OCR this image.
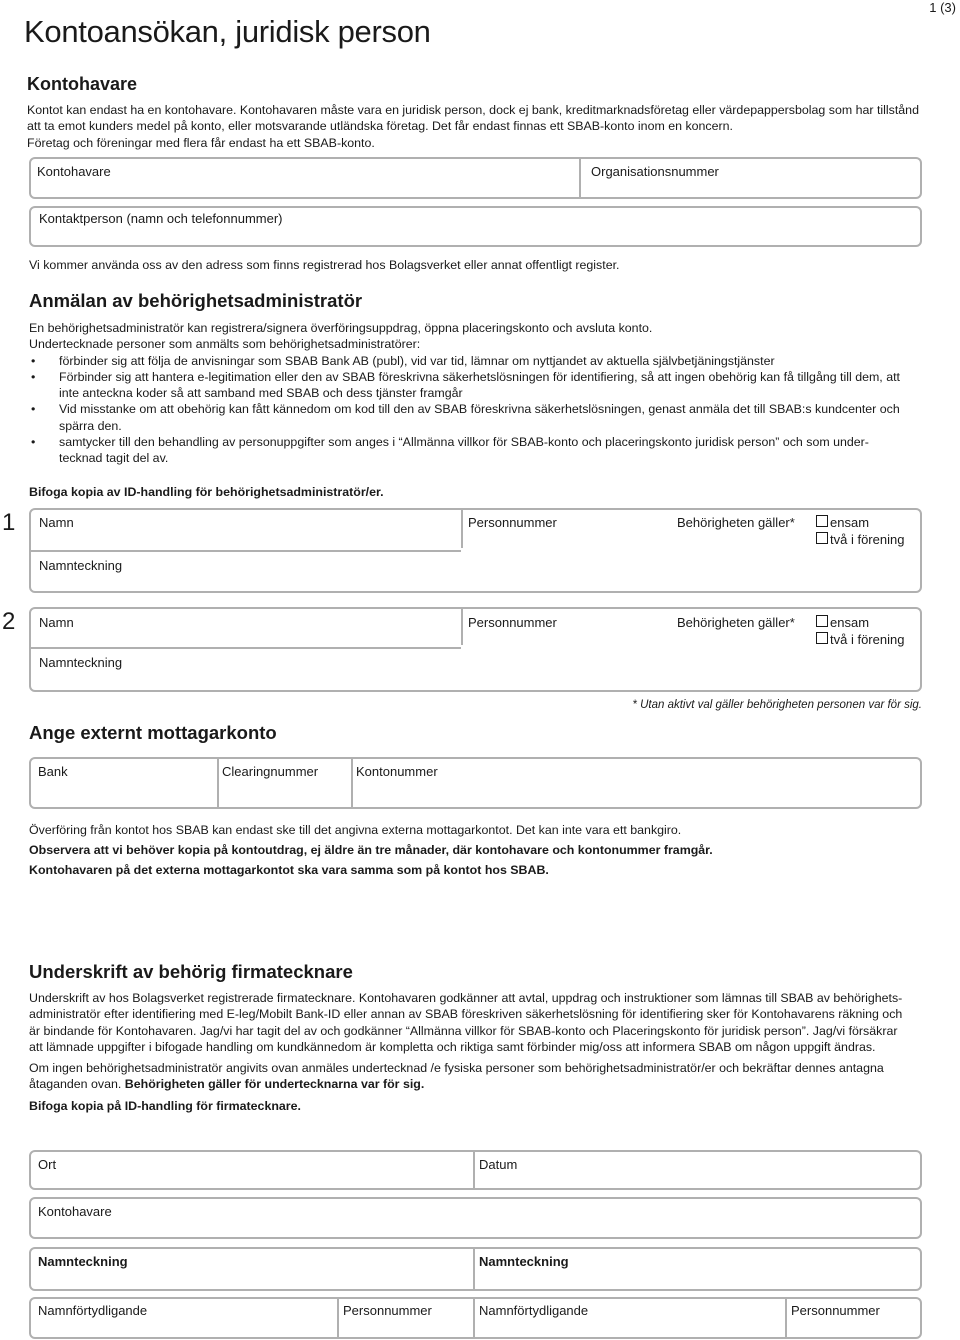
Kontoansökan, juridisk person
1 (3)
Kontohavare
Kontot kan endast ha en kontohavare. Kontohavaren måste vara en juridisk person, dock ej bank, kreditmarknadsföretag eller värdepappersbolag som har tillstånd att ta emot kunders medel på konto, eller motsvarande utländska företag. Det får endast finnas ett SBAB-konto inom en koncern.
Företag och föreningar med flera får endast ha ett SBAB-konto.
Kontohavare	Organisationsnummer
Kontaktperson (namn och telefonnummer)
Vi kommer använda oss av den adress som finns registrerad hos Bolagsverket eller annat offentligt register.
Anmälan av behörighetsadministratör
En behörighetsadministratör kan registrera/signera överföringsuppdrag, öppna placeringskonto och avsluta konto.
Undertecknade personer som anmälts som behörighetsadministratörer:
• förbinder sig att följa de anvisningar som SBAB Bank AB (publ), vid var tid, lämnar om nyttjandet av aktuella självbetjäningstjänster
• Förbinder sig att hantera e-legitimation eller den av SBAB föreskrivna säkerhetslösningen för identifiering, så att ingen obehörig kan få tillgång till dem, att inte anteckna koder så att samband med SBAB och dess tjänster framgår
• Vid misstanke om att obehörig kan fått kännedom om kod till den av SBAB föreskrivna säkerhetslösningen, genast anmäla det till SBAB:s kundcenter och spärra den.
• samtycker till den behandling av personuppgifter som anges i “Allmänna villkor för SBAB-konto och placeringskonto juridisk person” och som under- tecknad tagit del av.
Bifoga kopia av ID-handling för behörighetsadministratör/er.
1 Namn	Personnummer	Behörigheten gäller*	ensam
två i förening
Namnteckning
2 Namn	Personnummer	Behörigheten gäller*	ensam
två i förening
Namnteckning
* Utan aktivt val gäller behörigheten personen var för sig.
Ange externt mottagarkonto
Bank	Clearingnummer	Kontonummer
Överföring från kontot hos SBAB kan endast ske till det angivna externa mottagarkontot. Det kan inte vara ett bankgiro.
Observera att vi behöver kopia på kontoutdrag, ej äldre än tre månader, där kontohavare och kontonummer framgår.
Kontohavaren på det externa mottagarkontot ska vara samma som på kontot hos SBAB.
Underskrift av behörig firmatecknare
Underskrift av hos Bolagsverket registrerade firmatecknare. Kontohavaren godkänner att avtal, uppdrag och instruktioner som lämnas till SBAB av behörighets- administratör efter identifiering med E-leg/Mobilt Bank-ID eller annan av SBAB föreskriven säkerhetslösning för identifiering sker för Kontohavarens räkning och är bindande för Kontohavaren. Jag/vi har tagit del av och godkänner “Allmänna villkor för SBAB-konto och Placeringskonto för juridisk person”. Jag/vi försäkrar att lämnade uppgifter i bifogade handling om kundkännedom är kompletta och riktiga samt förbinder mig/oss att informera SBAB om någon uppgift ändras.
Om ingen behörighetsadministratör angivits ovan anmäles undertecknad /e fysiska personer som behörighetsadministratör/er och bekräftar dennes antagna åtaganden ovan. Behörigheten gäller för undertecknarna var för sig.
Bifoga kopia på ID-handling för firmatecknare.
Ort	Datum
Kontohavare
Namnteckning	Namnteckning
Namnförtydligande	Personnummer	Namnförtydligande	Personnummer
